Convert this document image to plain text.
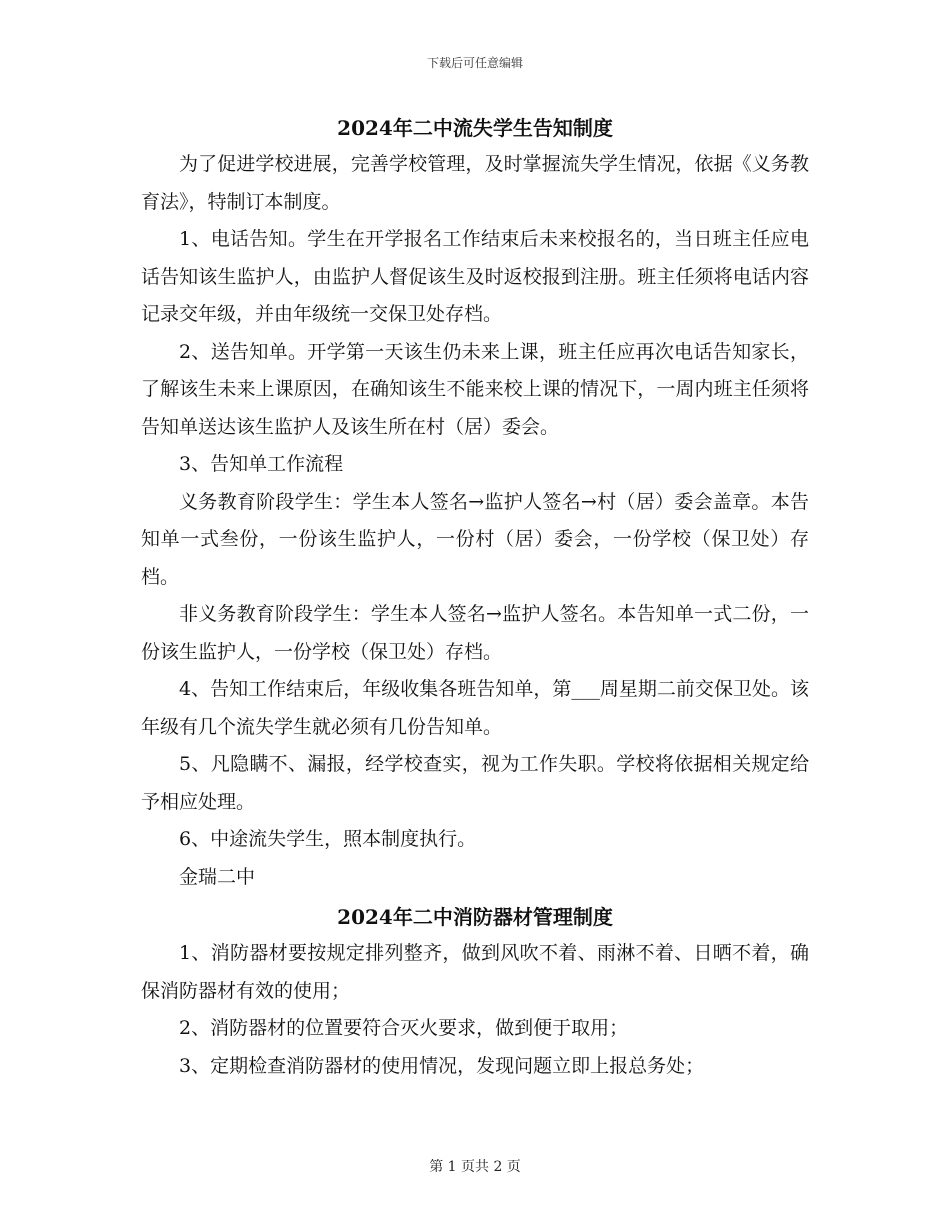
下载后可任意编辑
2024年二中流失学生告知制度

为了促进学校进展，完善学校管理，及时掌握流失学生情况，依据《义务教育法》，特制订本制度。

1、电话告知。学生在开学报名工作结束后未来校报名的，当日班主任应电话告知该生监护人，由监护人督促该生及时返校报到注册。班主任须将电话内容记录交年级，并由年级统一交保卫处存档。

2、送告知单。开学第一天该生仍未来上课，班主任应再次电话告知家长，了解该生未来上课原因，在确知该生不能来校上课的情况下，一周内班主任须将告知单送达该生监护人及该生所在村（居）委会。

3、告知单工作流程

义务教育阶段学生：学生本人签名→监护人签名→村（居）委会盖章。本告知单一式叁份，一份该生监护人，一份村（居）委会，一份学校（保卫处）存档。

非义务教育阶段学生：学生本人签名→监护人签名。本告知单一式二份，一份该生监护人，一份学校（保卫处）存档。

4、告知工作结束后，年级收集各班告知单，第___周星期二前交保卫处。该年级有几个流失学生就必须有几份告知单。

5、凡隐瞒不、漏报，经学校查实，视为工作失职。学校将依据相关规定给予相应处理。

6、中途流失学生，照本制度执行。

金瑞二中

2024年二中消防器材管理制度

1、消防器材要按规定排列整齐，做到风吹不着、雨淋不着、日晒不着，确保消防器材有效的使用；

2、消防器材的位置要符合灭火要求，做到便于取用；

3、定期检查消防器材的使用情况，发现问题立即上报总务处；

第 1 页共 2 页
